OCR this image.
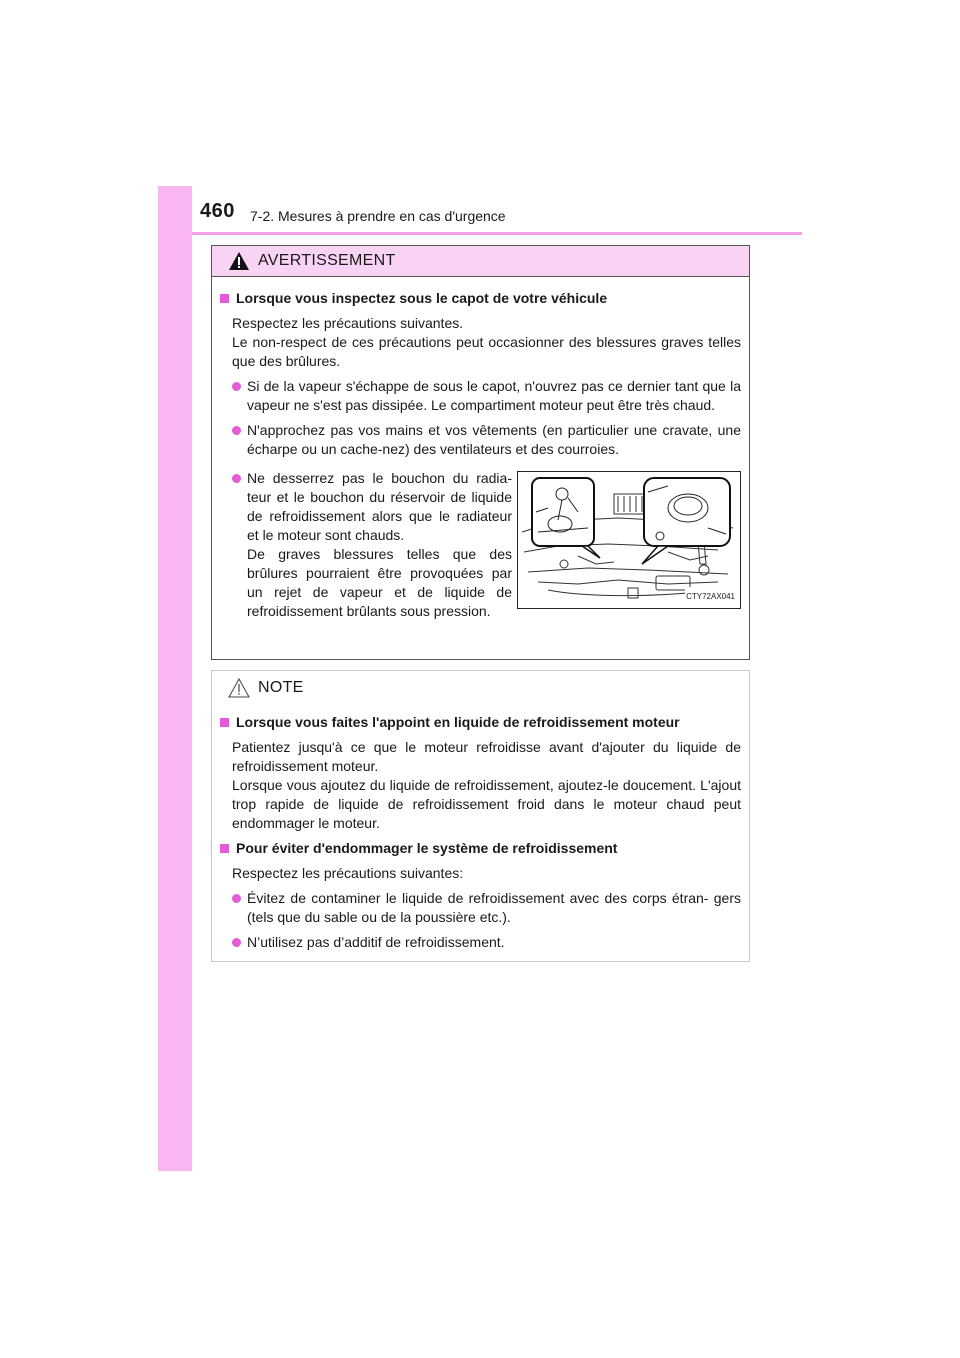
460 7-2. Mesures à prendre en cas d'urgence
AVERTISSEMENT
Lorsque vous inspectez sous le capot de votre véhicule

Respectez les précautions suivantes.

Le non-respect de ces précautions peut occasionner des blessures graves telles que des brûlures.

Si de la vapeur s'échappe de sous le capot, n'ouvrez pas ce dernier tant que la vapeur ne s'est pas dissipée. Le compartiment moteur peut être très chaud.
N'approchez pas vos mains et vos vêtements (en particulier une cravate, une écharpe ou un cache-nez) des ventilateurs et des courroies.
Ne desserrez pas le bouchon du radia- teur et le bouchon du réservoir de liquide de refroidissement alors que le radiateur et le moteur sont chauds.
De graves blessures telles que des brûlures pourraient être provoquées par un rejet de vapeur et de liquide de refroidissement brûlants sous pression.
CTY72AX041
NOTE
Lorsque vous faites l'appoint en liquide de refroidissement moteur

Patientez jusqu'à ce que le moteur refroidisse avant d'ajouter du liquide de refroidissement moteur.

Lorsque vous ajoutez du liquide de refroidissement, ajoutez-le doucement. L'ajout trop rapide de liquide de refroidissement froid dans le moteur chaud peut endommager le moteur.

Pour éviter d'endommager le système de refroidissement

Respectez les précautions suivantes:

Évitez de contaminer le liquide de refroidissement avec des corps étran- gers (tels que du sable ou de la poussière etc.).
N’utilisez pas d’additif de refroidissement.
